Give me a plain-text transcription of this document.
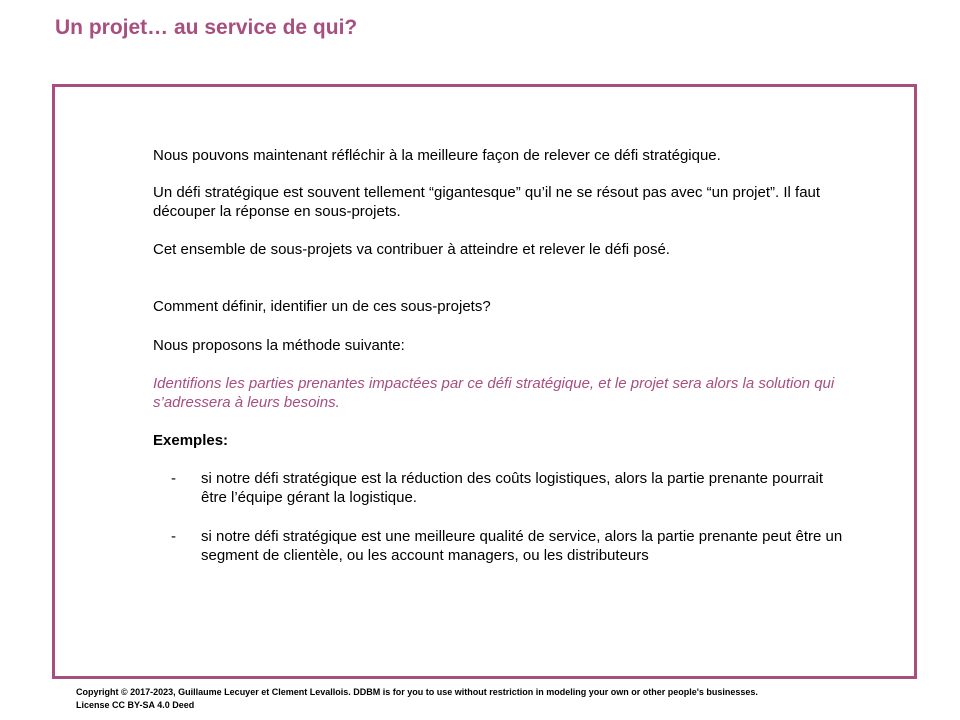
Un projet… au service de qui?

Nous pouvons maintenant réfléchir à la meilleure façon de relever ce défi stratégique.

Un défi stratégique est souvent tellement “gigantesque” qu’il ne se résout pas avec “un projet”. Il faut découper la réponse en sous-projets.

Cet ensemble de sous-projets va contribuer à atteindre et relever le défi posé.

Comment définir, identifier un de ces sous-projets?

Nous proposons la méthode suivante:

Identifions les parties prenantes impactées par ce défi stratégique, et le projet sera alors la solution qui s’adressera à leurs besoins.

Exemples:

- si notre défi stratégique est la réduction des coûts logistiques, alors la partie prenante pourrait être l’équipe gérant la logistique.
- si notre défi stratégique est une meilleure qualité de service, alors la partie prenante peut être un segment de clientèle, ou les account managers, ou les distributeurs
Copyright © 2017-2023, Guillaume Lecuyer et Clement Levallois. DDBM is for you to use without restriction in modeling your own or other people's businesses.
License CC BY-SA 4.0 Deed
